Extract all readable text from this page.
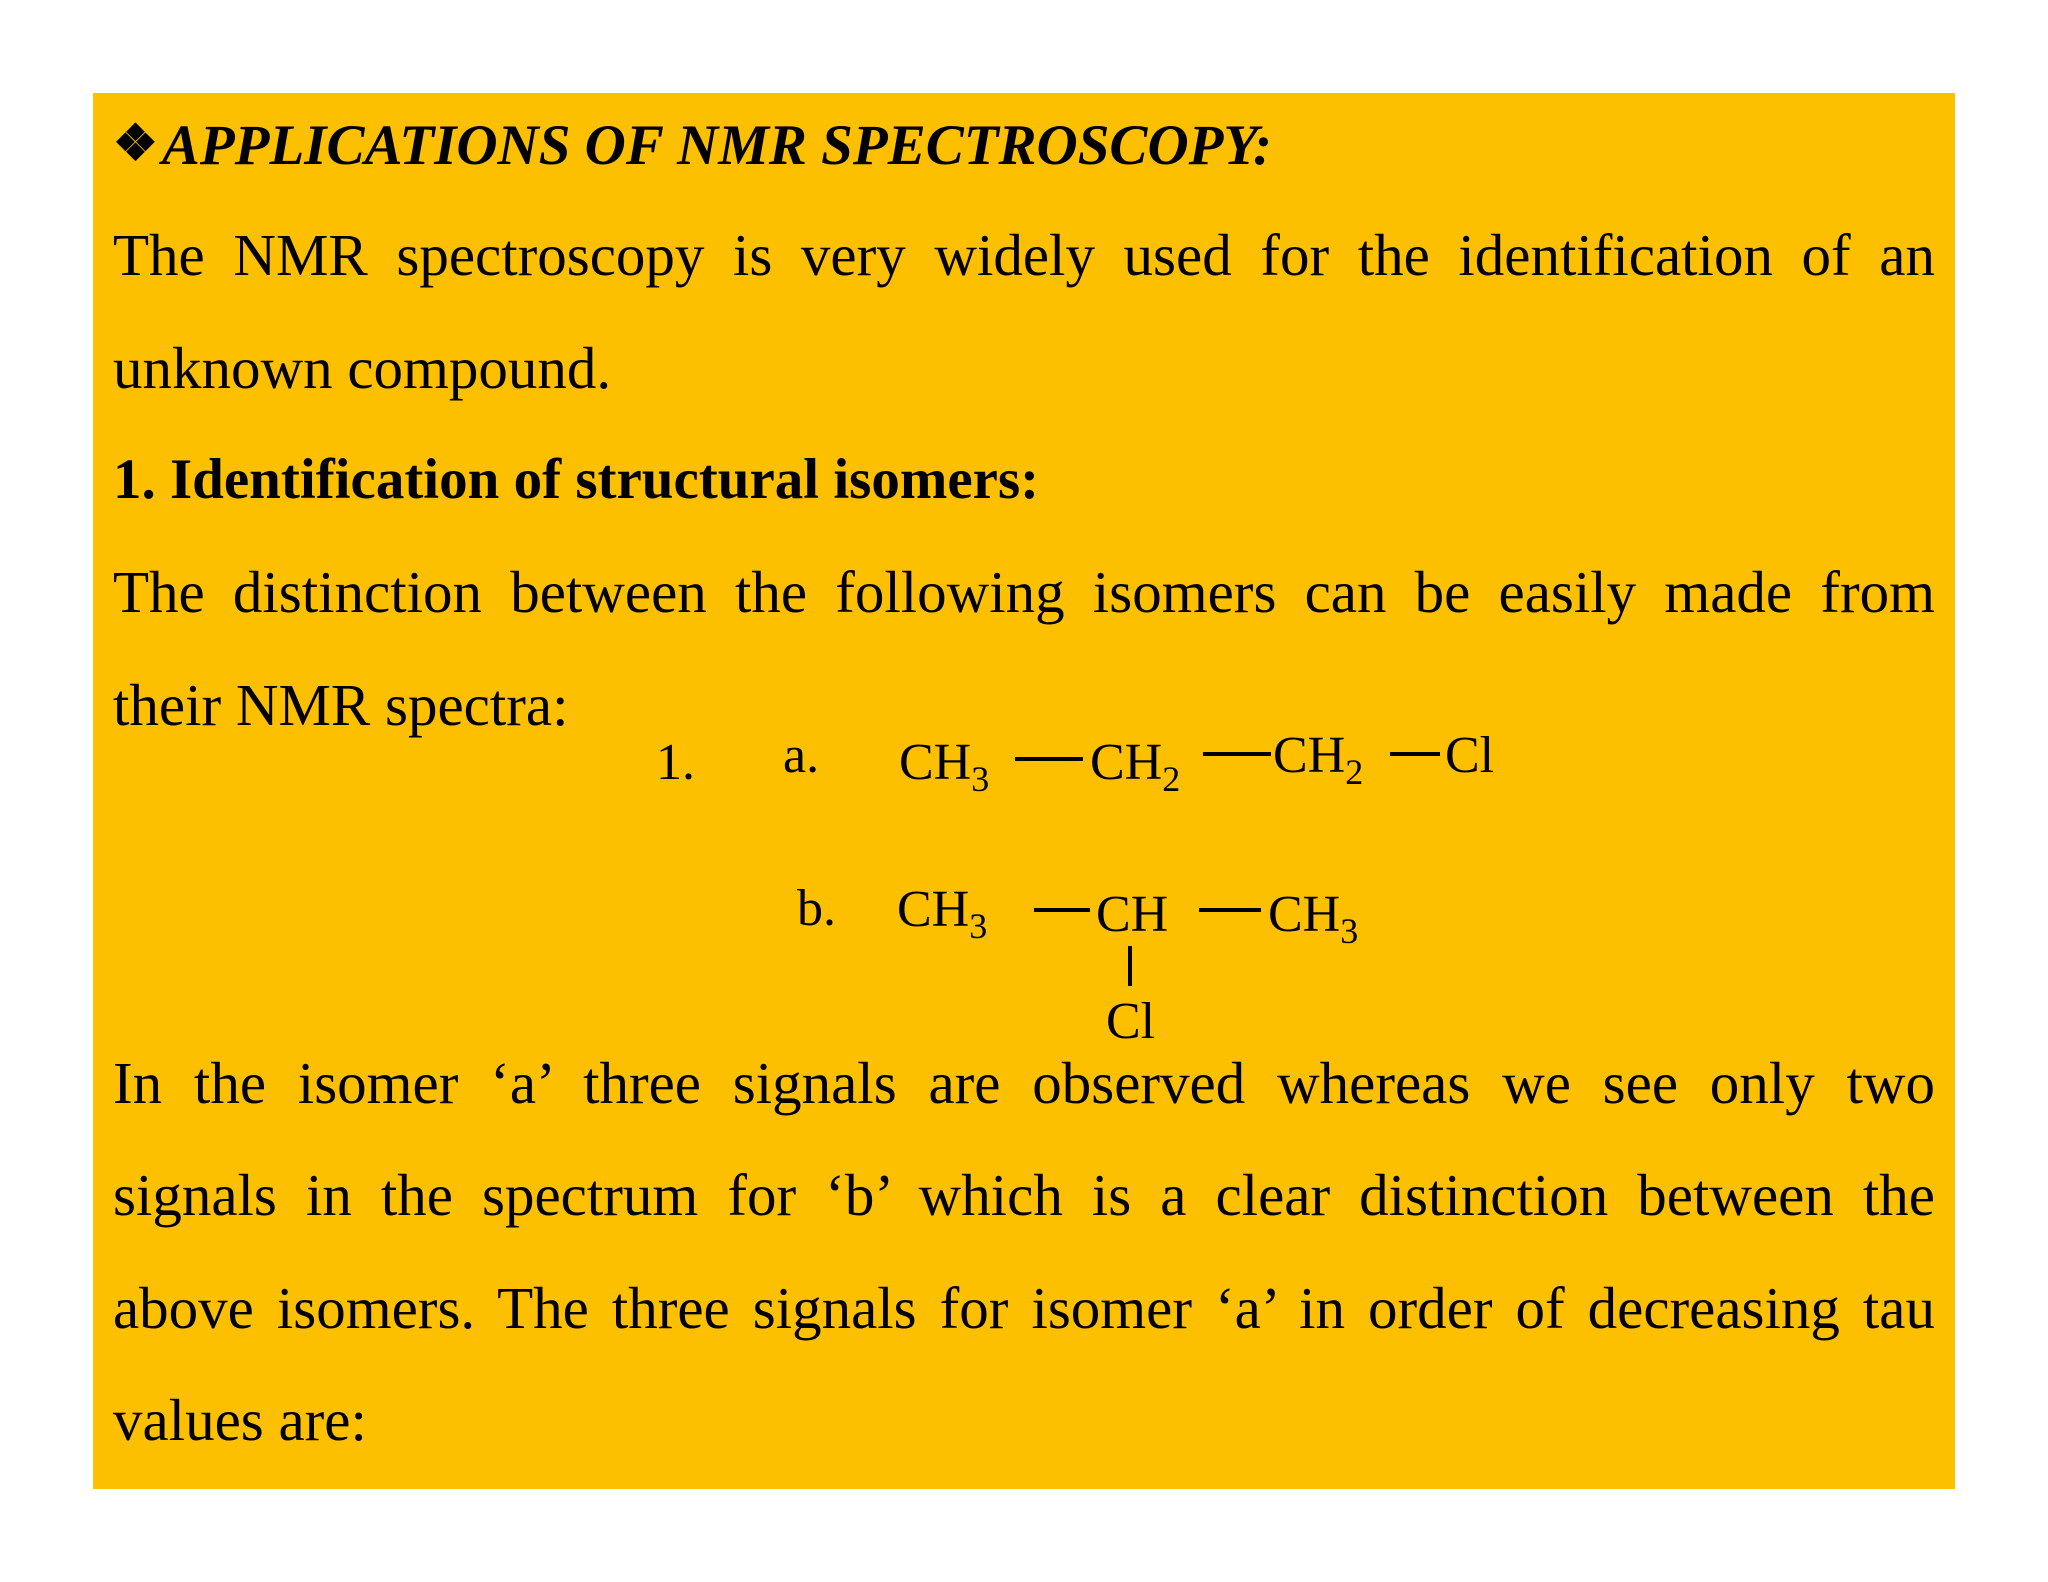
❖APPLICATIONS OF NMR SPECTROSCOPY:
The NMR spectroscopy is very widely used for the identification of an
unknown compound.
1. Identification of structural isomers:
The distinction between the following isomers can be easily made from
their NMR spectra:
1. a. $CH_3$ $CH_2$ $CH_2$ Cl
b. $CH_3$ CH $CH_3$
Cl
In the isomer ‘a’ three signals are observed whereas we see only two
signals in the spectrum for ‘b’ which is a clear distinction between the
above isomers. The three signals for isomer ‘a’ in order of decreasing tau
values are:
